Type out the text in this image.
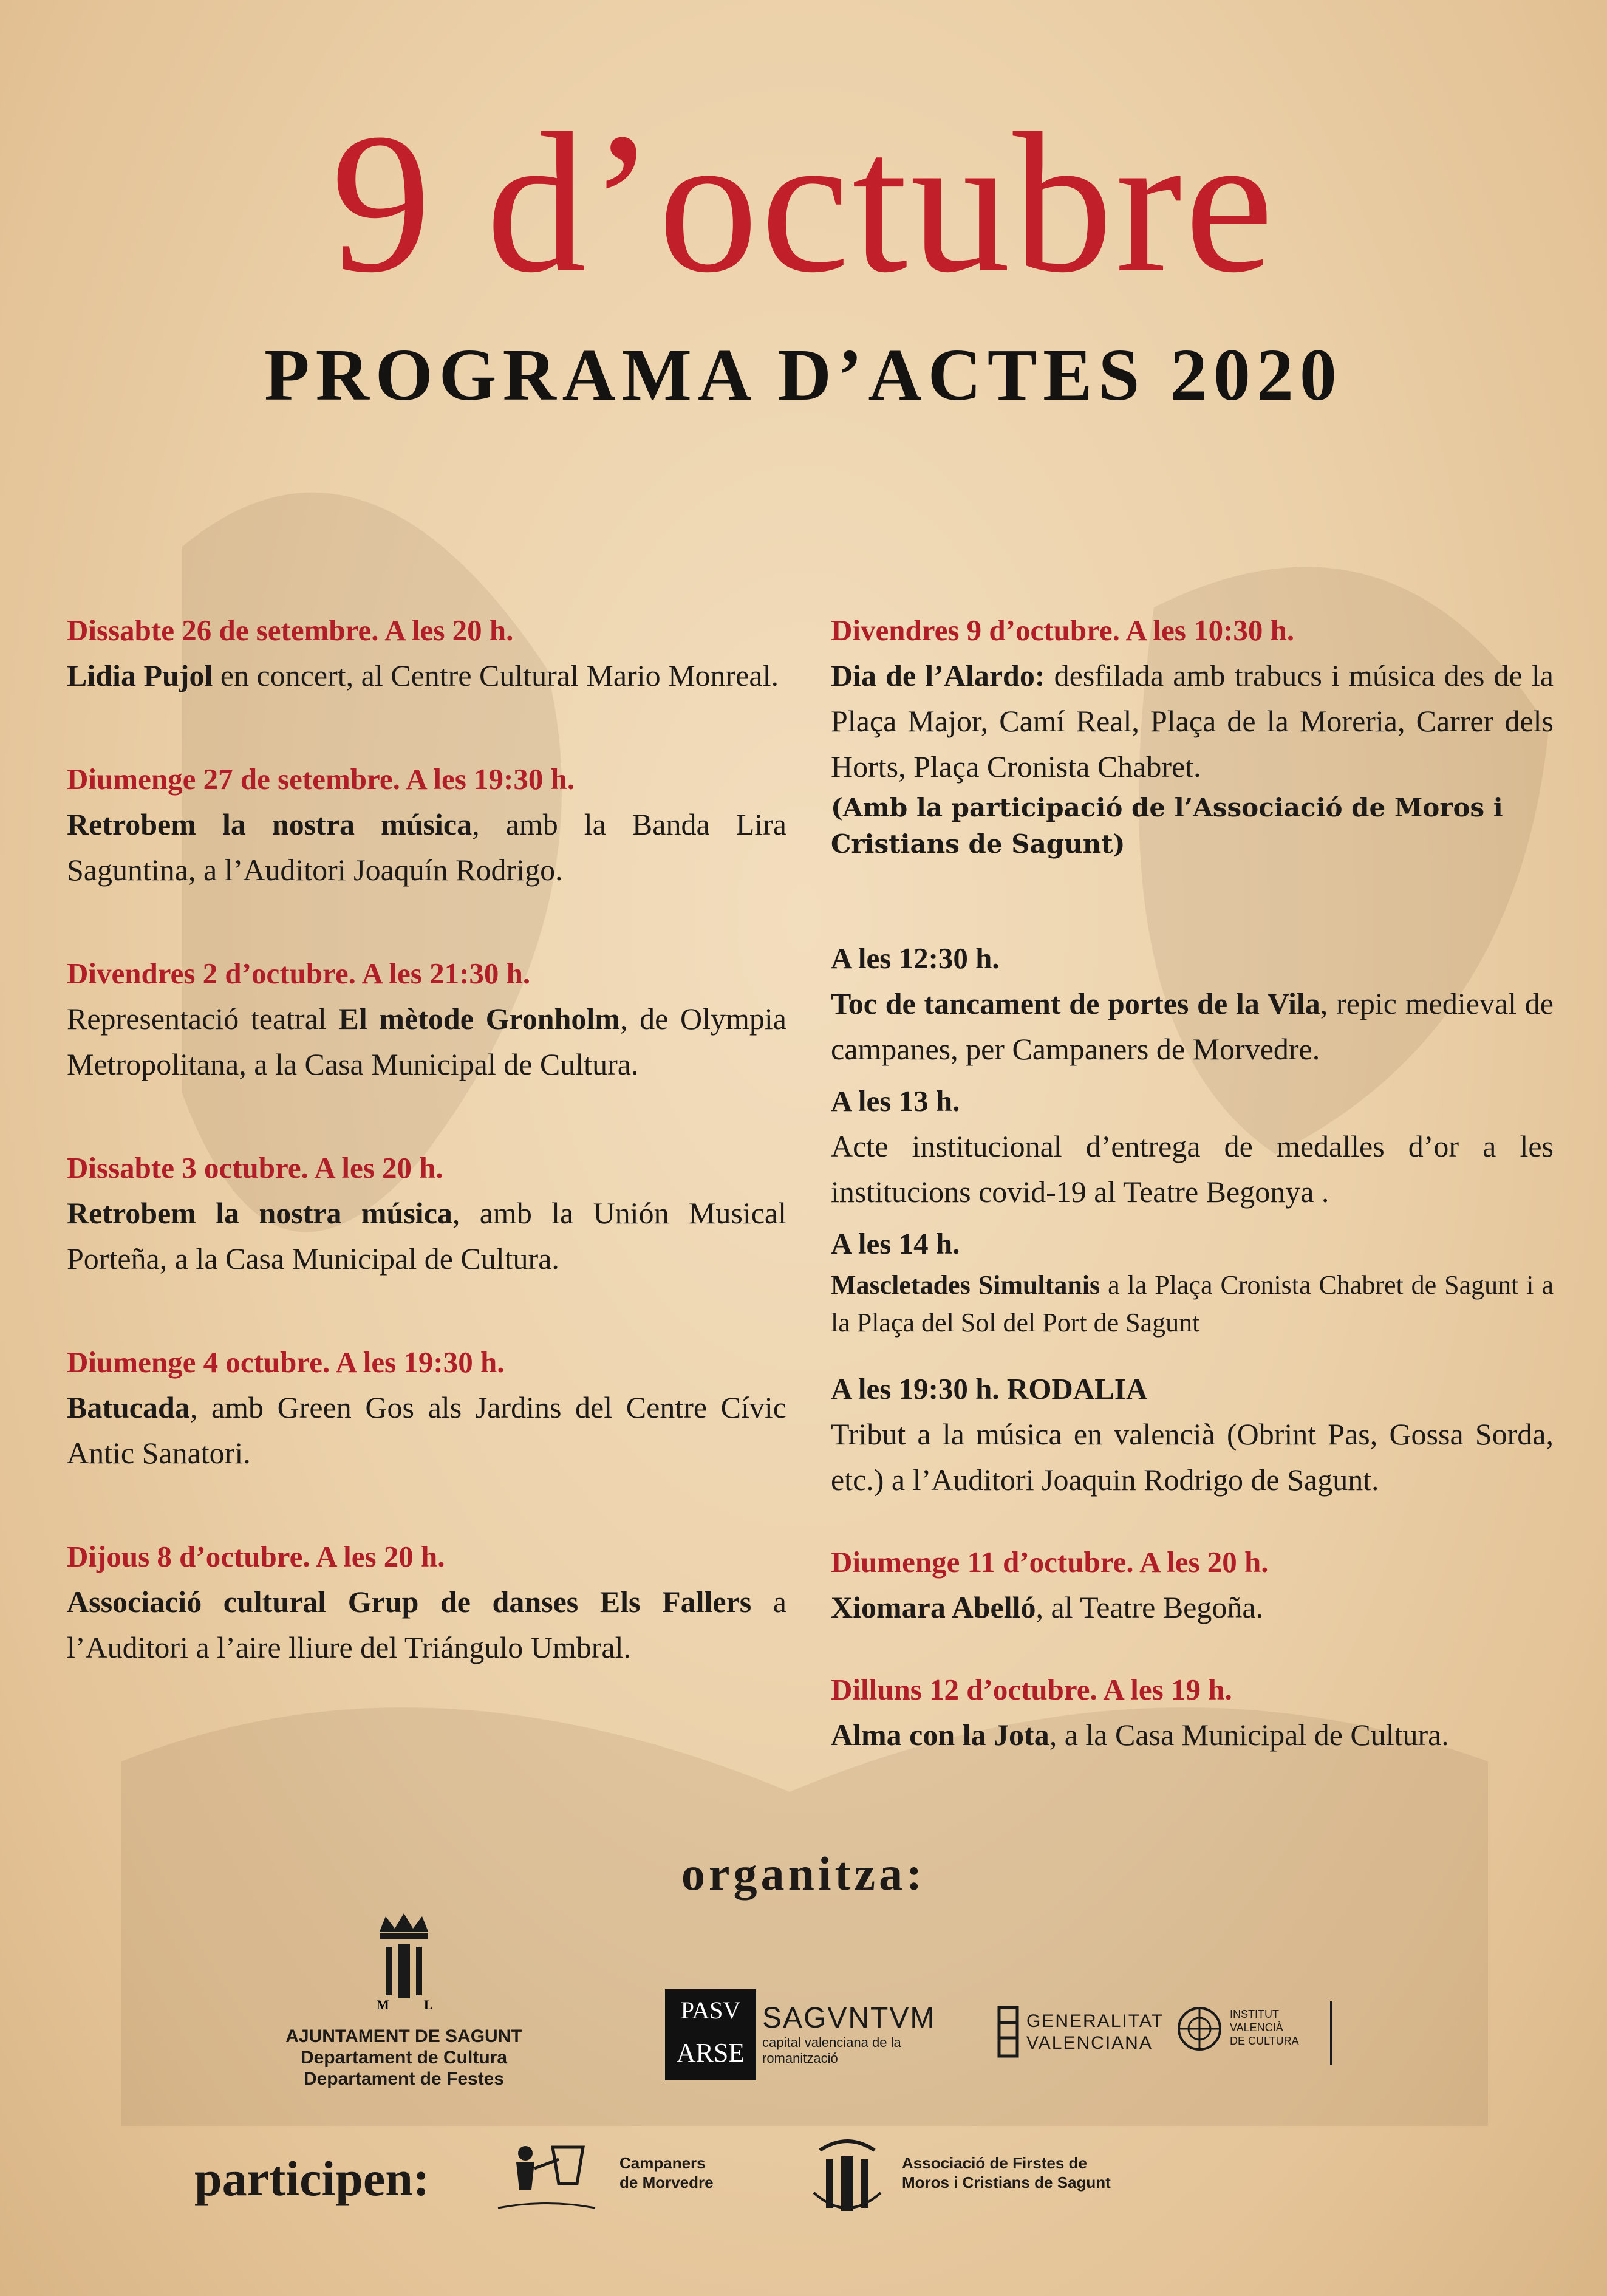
9 d’octubre
PROGRAMA D’ACTES 2020
Dissabte 26 de setembre. A les 20 h.
Lidia Pujol en concert, al Centre Cultural Mario Monreal.
Diumenge 27 de setembre. A les 19:30 h.
Retrobem la nostra música, amb la Banda Lira Saguntina, a l’Auditori Joaquín Rodrigo.
Divendres 2 d’octubre. A les 21:30 h.
Representació teatral El mètode Gronholm, de Olympia Metropolitana, a la Casa Municipal de Cultura.
Dissabte 3 octubre. A les 20 h.
Retrobem la nostra música, amb la Unión Musical Porteña, a la Casa Municipal de Cultura.
Diumenge 4 octubre. A les 19:30 h.
Batucada, amb Green Gos als Jardins del Centre Cívic Antic Sanatori.
Dijous 8 d’octubre. A les 20 h.
Associació cultural Grup de danses Els Fallers a l’Auditori a l’aire lliure del Triángulo Umbral.
Divendres 9 d’octubre. A les 10:30 h.
Dia de l’Alardo: desfilada amb trabucs i música des de la Plaça Major, Camí Real, Plaça de la Moreria, Carrer dels Horts, Plaça Cronista Chabret.
(Amb la participació de l’Associació de Moros i Cristians de Sagunt)
A les 12:30 h.
Toc de tancament de portes de la Vila, repic medieval de campanes, per Campaners de Morvedre.
A les 13 h.
Acte institucional d’entrega de medalles d’or a les institucions covid-19 al Teatre Begonya .
A les 14 h.
Mascletades Simultanis a la Plaça Cronista Chabret de Sagunt i a la Plaça del Sol del Port de Sagunt
A les 19:30 h. RODALIA
Tribut a la música en valencià (Obrint Pas, Gossa Sorda, etc.) a l’Auditori Joaquin Rodrigo de Sagunt.
Diumenge 11 d’octubre. A les 20 h.
Xiomara Abelló, al Teatre Begoña.
Dilluns 12 d’octubre. A les 19 h.
Alma con la Jota, a la Casa Municipal de Cultura.
organitza:
M	L
AJUNTAMENT DE SAGUNT
Departament de Cultura
Departament de Festes
PASV
ARSE
SAGVNTVM
capital valenciana de la romanització
GENERALITAT
VALENCIANA
INSTITUT
VALENCIÀ
DE CULTURA
participen:	Campaners
de Morvedre
Associació de Firstes de
Moros i Cristians de Sagunt
